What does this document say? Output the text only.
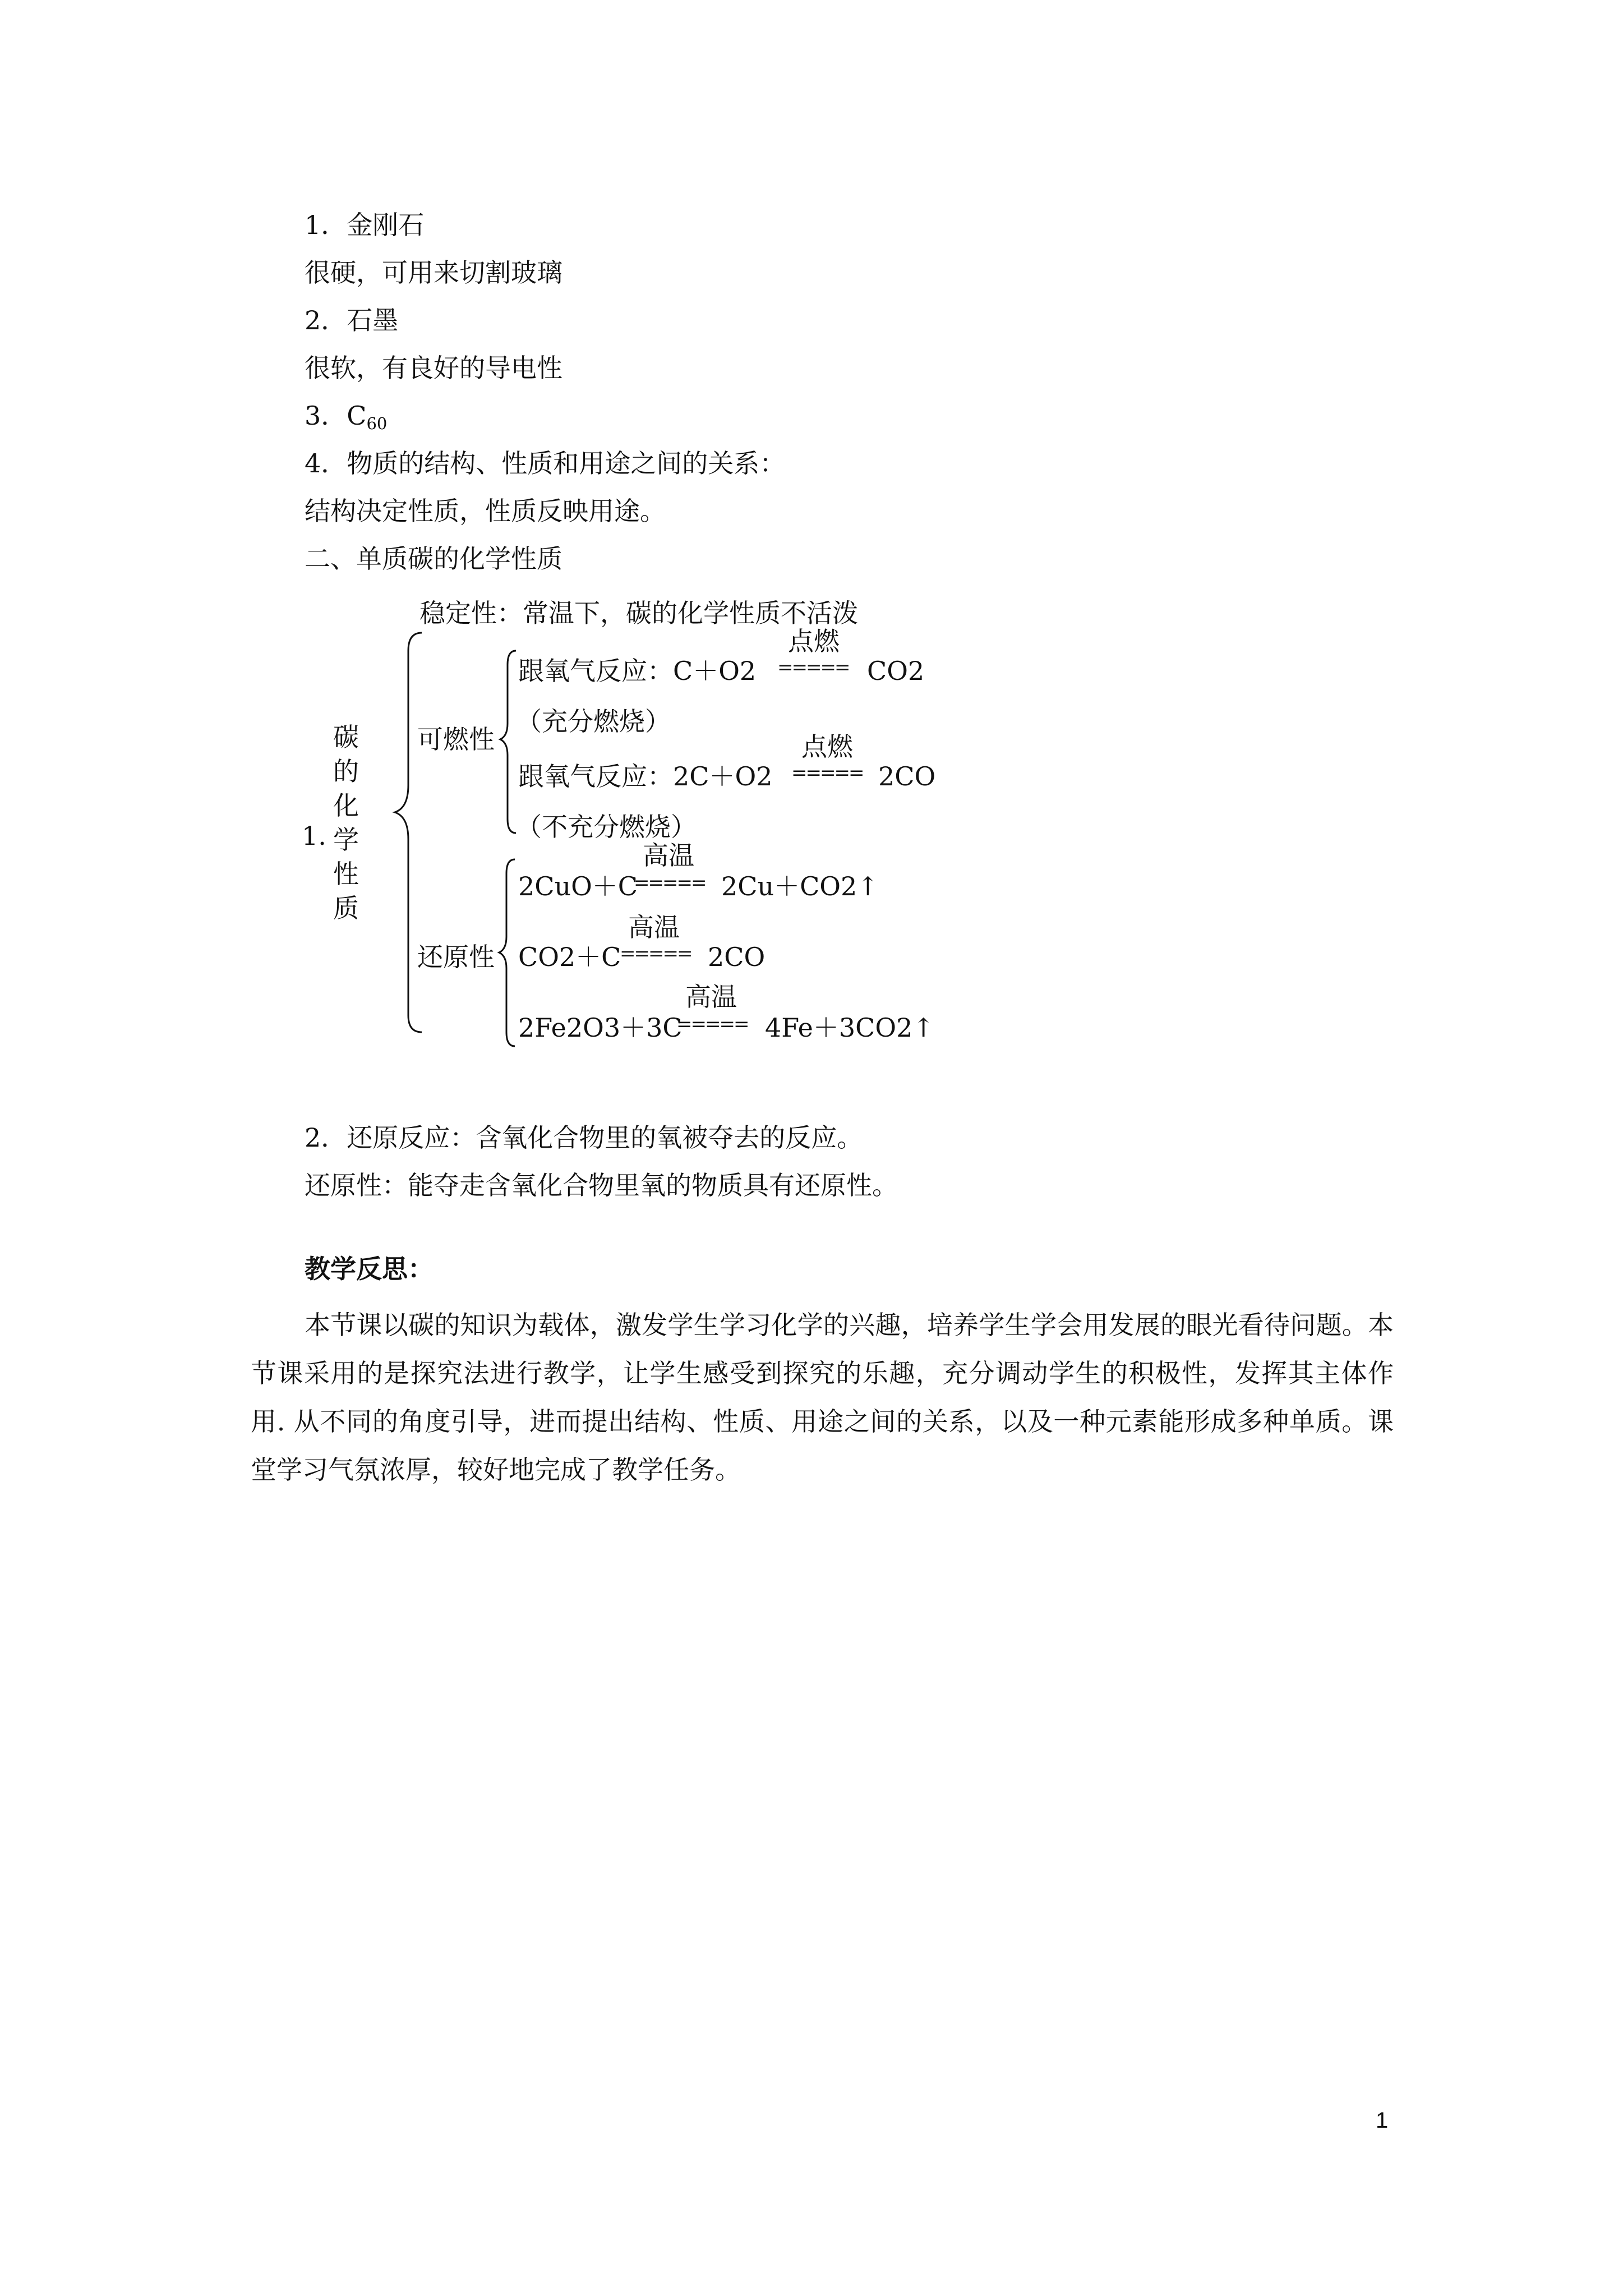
1．金刚石
很硬，可用来切割玻璃
2．石墨
很软，有良好的导电性
3．$C_{60}$
4．物质的结构、性质和用途之间的关系：
结构决定性质，性质反映用途。
二、单质碳的化学性质
1.
碳
的
化
学
性
质
稳定性：常温下，碳的化学性质不活泼
可燃性
跟氧气反应：C＋O2
点燃
===== CO2
（充分燃烧）
跟氧气反应：2C＋O2
点燃
===== 2CO
（不充分燃烧）
还原性
2CuO＋C
高温
===== 2Cu＋CO2↑
CO2＋C
高温
===== 2CO
2Fe2O3＋3C
高温
===== 4Fe＋3CO2↑
2．还原反应：含氧化合物里的氧被夺去的反应。
还原性：能夺走含氧化合物里氧的物质具有还原性。
教学反思：
本节课以碳的知识为载体，激发学生学习化学的兴趣，培养学生学会用发展的眼光看待问题。本节课采用的是探究法进行教学，让学生感受到探究的乐趣，充分调动学生的积极性，发挥其主体作用. 从不同的角度引导，进而提出结构、性质、用途之间的关系，以及一种元素能形成多种单质。课堂学习气氛浓厚，较好地完成了教学任务。
1
